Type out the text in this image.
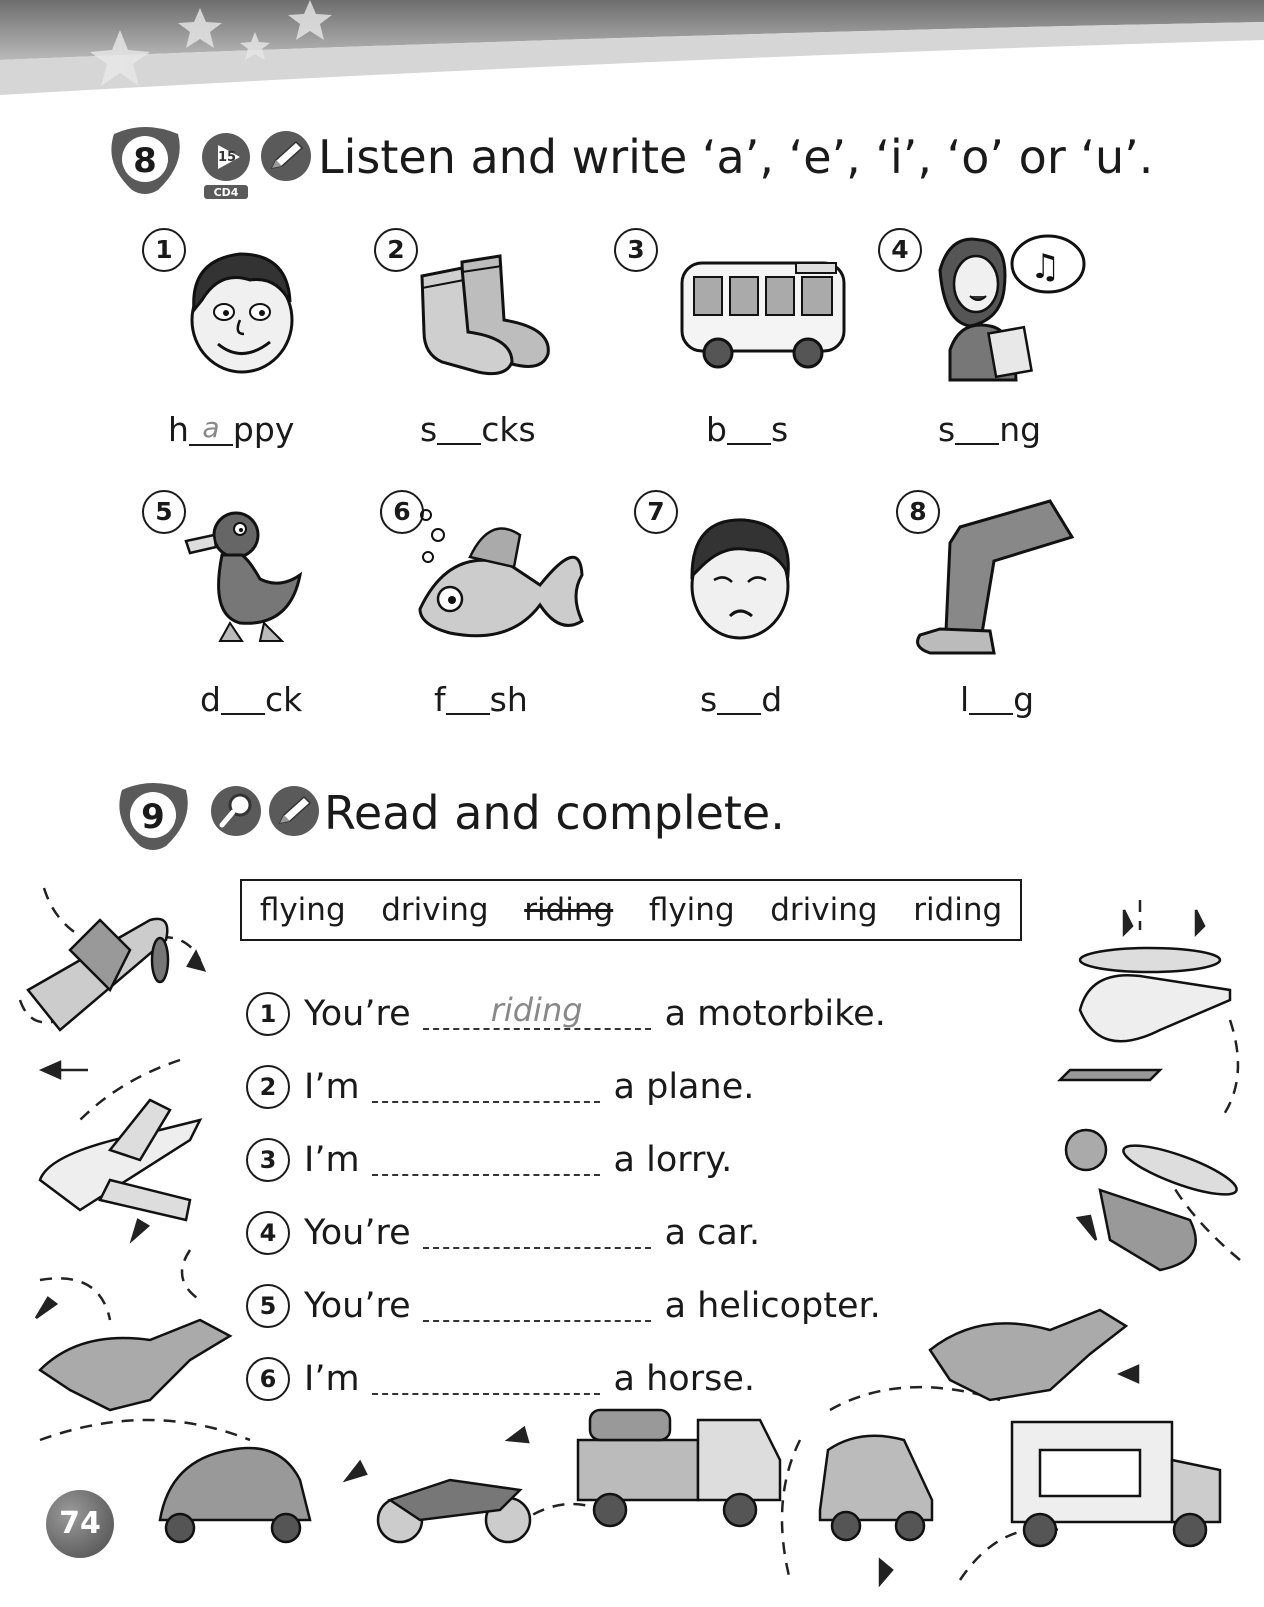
8	15
CD4
Listen and write ‘a’, ‘e’, ‘i’, ‘o’ or ‘u’.
1	2	3	4
5	6	7	8
♫
h $^a$ ppy	s cks	b s	s ng
d ck	f sh	s d	l g
9	Read and complete.
flying driving riding flying driving riding
1 You’re	riding	a motorbike.
2 I’m	a plane.
3 I’m	a lorry.
4 You’re	a car.
5 You’re	a helicopter.
6 I’m	a horse.
74
